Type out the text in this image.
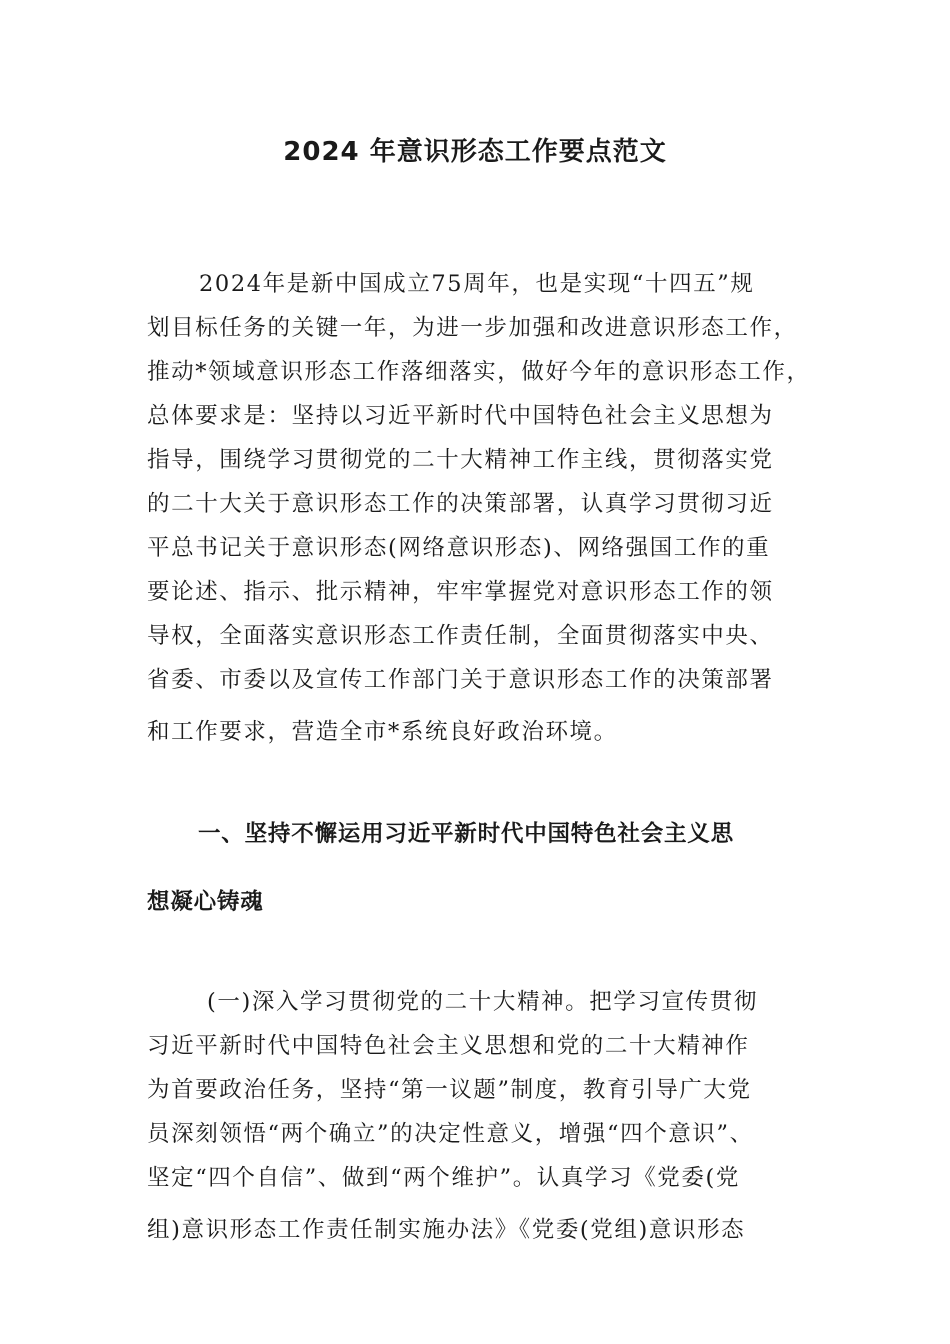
2024 年意识形态工作要点范文
2024年是新中国成立75周年，也是实现“十四五”规
划目标任务的关键一年，为进一步加强和改进意识形态工作，
推动*领域意识形态工作落细落实，做好今年的意识形态工作，
总体要求是：坚持以习近平新时代中国特色社会主义思想为
指导，围绕学习贯彻党的二十大精神工作主线，贯彻落实党
的二十大关于意识形态工作的决策部署，认真学习贯彻习近
平总书记关于意识形态(网络意识形态)、网络强国工作的重
要论述、指示、批示精神，牢牢掌握党对意识形态工作的领
导权，全面落实意识形态工作责任制，全面贯彻落实中央、
省委、市委以及宣传工作部门关于意识形态工作的决策部署
和工作要求，营造全市*系统良好政治环境。
一、坚持不懈运用习近平新时代中国特色社会主义思
想凝心铸魂
(一)深入学习贯彻党的二十大精神。把学习宣传贯彻
习近平新时代中国特色社会主义思想和党的二十大精神作
为首要政治任务，坚持“第一议题”制度，教育引导广大党
员深刻领悟“两个确立”的决定性意义，增强“四个意识”、
坚定“四个自信”、做到“两个维护”。认真学习《党委(党
组)意识形态工作责任制实施办法》《党委(党组)意识形态
